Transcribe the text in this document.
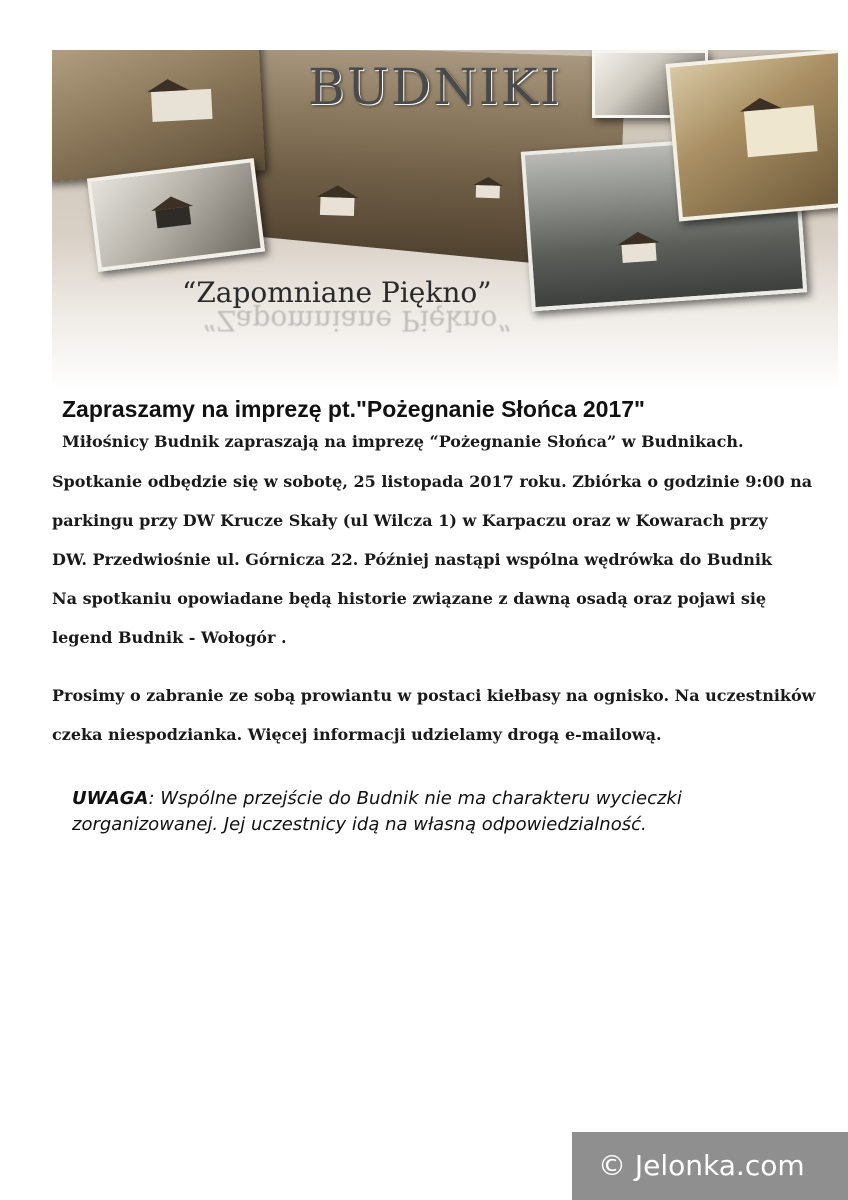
BUDNIKI
“Zapomniane Piękno”
“Zapomniane Piękno”
Zapraszamy na imprezę pt."Pożegnanie Słońca 2017"
Miłośnicy Budnik zapraszają na imprezę “Pożegnanie Słońca” w Budnikach.
Spotkanie odbędzie się w sobotę, 25 listopada 2017 roku. Zbiórka o godzinie 9:00 na
parkingu przy DW Krucze Skały (ul Wilcza 1) w Karpaczu oraz w Kowarach przy
DW. Przedwiośnie ul. Górnicza 22. Później nastąpi wspólna wędrówka do Budnik
Na spotkaniu opowiadane będą historie związane z dawną osadą oraz pojawi się
legend Budnik - Wołogór .
Prosimy o zabranie ze sobą prowiantu w postaci kiełbasy na ognisko. Na uczestników
czeka niespodzianka. Więcej informacji udzielamy drogą e-mailową.
UWAGA: Wspólne przejście do Budnik nie ma charakteru wycieczki zorganizowanej. Jej uczestnicy idą na własną odpowiedzialność.
© Jelonka.com
